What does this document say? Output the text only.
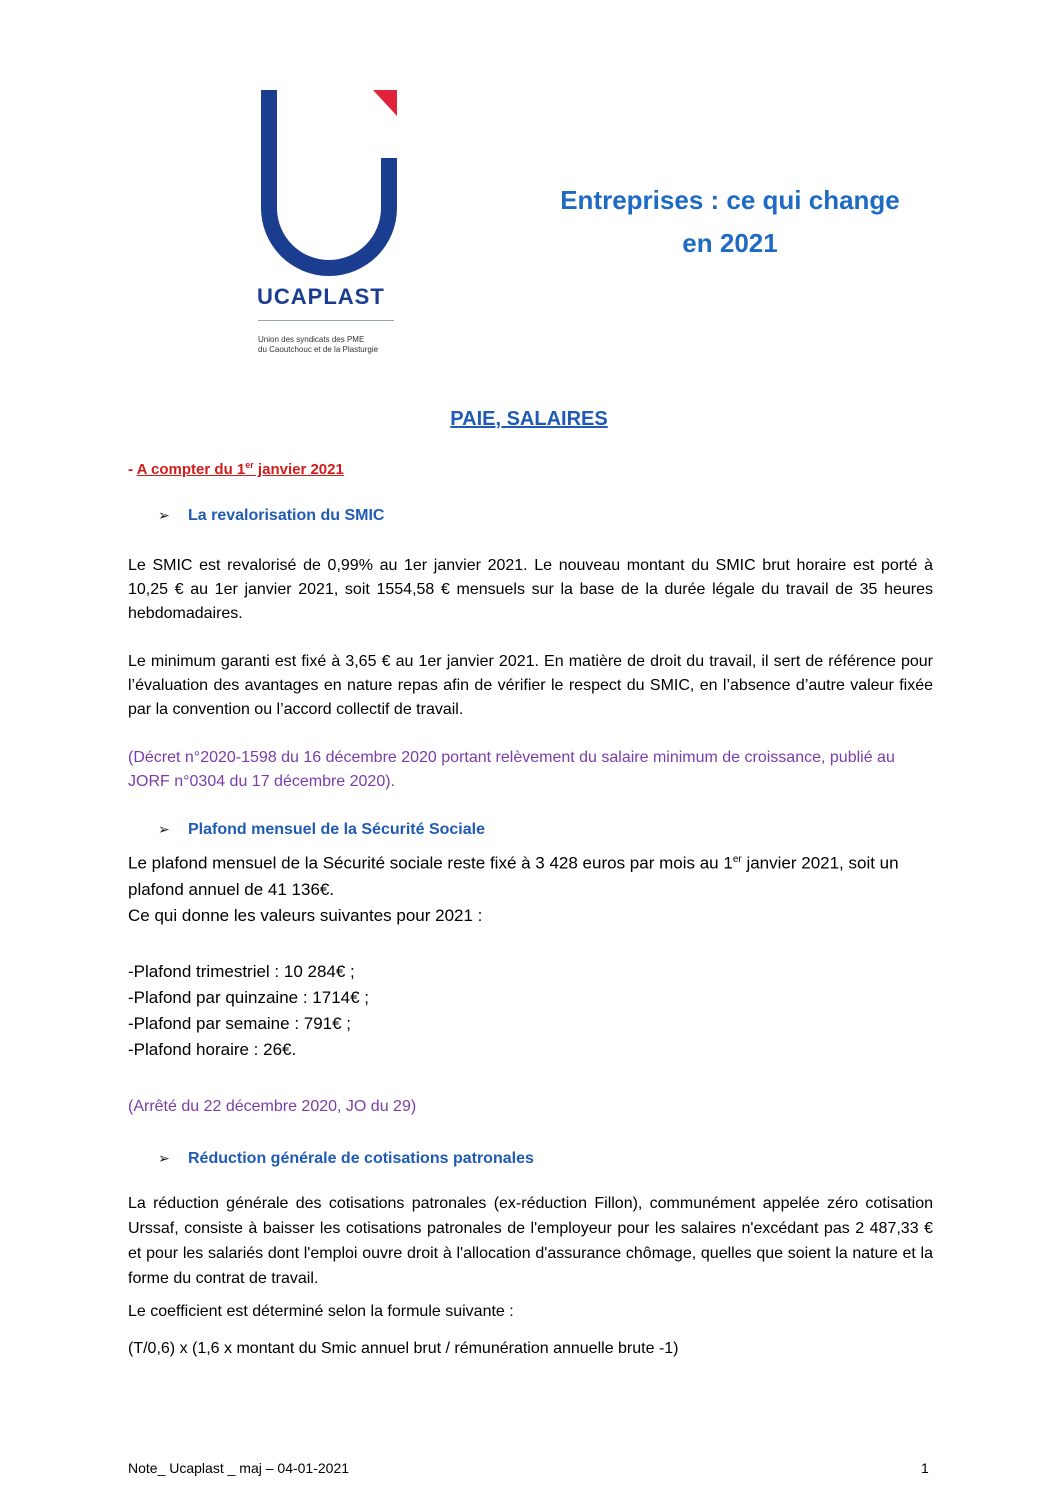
UCAPLAST
Union des syndicats des PME
du Caoutchouc et de la Plasturgie
Entreprises : ce qui change
en 2021
PAIE, SALAIRES
- A compter du 1er janvier 2021
➢ La revalorisation du SMIC
Le SMIC est revalorisé de 0,99% au 1er janvier 2021. Le nouveau montant du SMIC brut horaire est porté à 10,25 € au 1er janvier 2021, soit 1554,58 € mensuels sur la base de la durée légale du travail de 35 heures hebdomadaires.
Le minimum garanti est fixé à 3,65 € au 1er janvier 2021. En matière de droit du travail, il sert de référence pour l’évaluation des avantages en nature repas afin de vérifier le respect du SMIC, en l’absence d’autre valeur fixée par la convention ou l’accord collectif de travail.
(Décret n°2020-1598 du 16 décembre 2020 portant relèvement du salaire minimum de croissance, publié au JORF n°0304 du 17 décembre 2020).
➢ Plafond mensuel de la Sécurité Sociale
Le plafond mensuel de la Sécurité sociale reste fixé à 3 428 euros par mois au 1er janvier 2021, soit un plafond annuel de 41 136€.
Ce qui donne les valeurs suivantes pour 2021 :
-Plafond trimestriel : 10 284€ ;
-Plafond par quinzaine : 1714€ ;
-Plafond par semaine : 791€ ;
-Plafond horaire : 26€.
(Arrêté du 22 décembre 2020, JO du 29)
➢ Réduction générale de cotisations patronales
La réduction générale des cotisations patronales (ex-réduction Fillon), communément appelée zéro cotisation Urssaf, consiste à baisser les cotisations patronales de l'employeur pour les salaires n'excédant pas 2 487,33 € et pour les salariés dont l'emploi ouvre droit à l'allocation d'assurance chômage, quelles que soient la nature et la forme du contrat de travail.
Le coefficient est déterminé selon la formule suivante :
(T/0,6) x (1,6 x montant du Smic annuel brut / rémunération annuelle brute -1)
Note_ Ucaplast _ maj – 04-01-2021	1
